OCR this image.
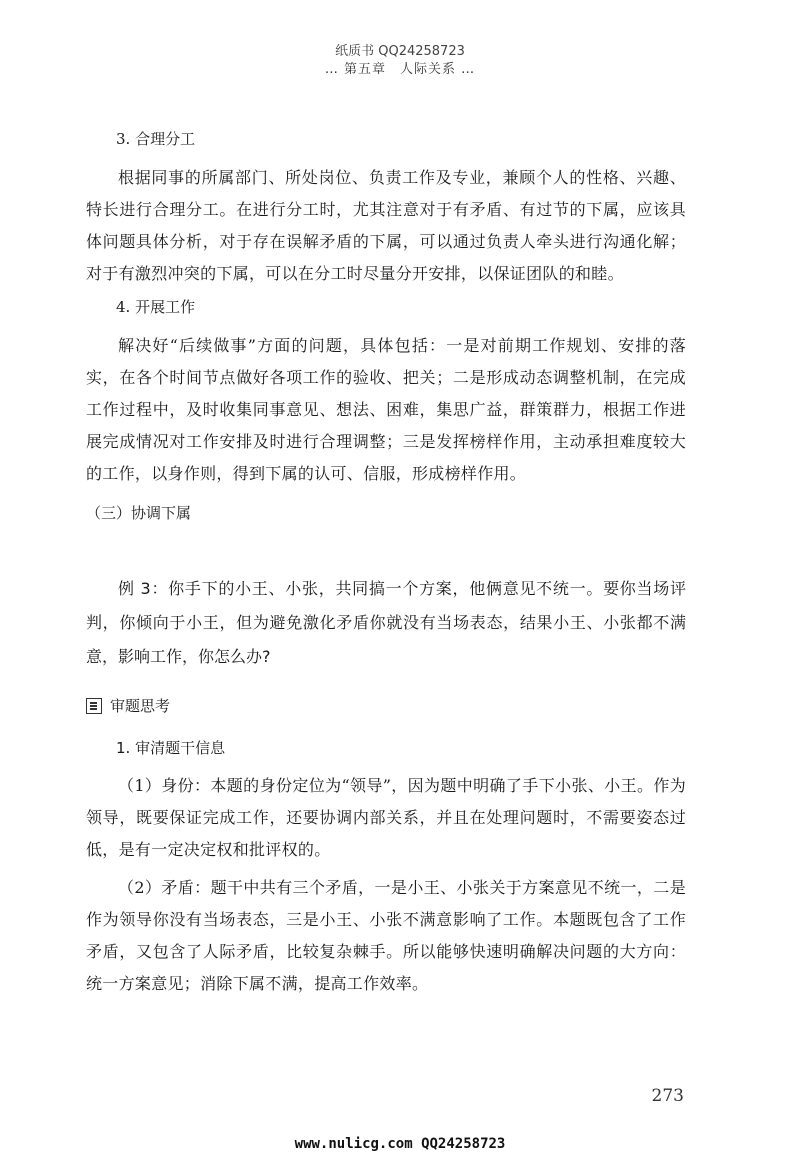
纸质书 QQ24258723
… 第五章　人际关系 …
3. 合理分工

根据同事的所属部门、所处岗位、负责工作及专业，兼顾个人的性格、兴趣、特长进行合理分工。在进行分工时，尤其注意对于有矛盾、有过节的下属，应该具体问题具体分析，对于存在误解矛盾的下属，可以通过负责人牵头进行沟通化解；对于有激烈冲突的下属，可以在分工时尽量分开安排，以保证团队的和睦。

4. 开展工作

解决好“后续做事”方面的问题，具体包括：一是对前期工作规划、安排的落实，在各个时间节点做好各项工作的验收、把关；二是形成动态调整机制，在完成工作过程中，及时收集同事意见、想法、困难，集思广益，群策群力，根据工作进展完成情况对工作安排及时进行合理调整；三是发挥榜样作用，主动承担难度较大的工作，以身作则，得到下属的认可、信服，形成榜样作用。

（三）协调下属

例 3：你手下的小王、小张，共同搞一个方案，他俩意见不统一。要你当场评判，你倾向于小王，但为避免激化矛盾你就没有当场表态，结果小王、小张都不满意，影响工作，你怎么办?

审题思考
1. 审清题干信息

（1）身份：本题的身份定位为“领导”，因为题中明确了手下小张、小王。作为领导，既要保证完成工作，还要协调内部关系，并且在处理问题时，不需要姿态过低，是有一定决定权和批评权的。

（2）矛盾：题干中共有三个矛盾，一是小王、小张关于方案意见不统一，二是作为领导你没有当场表态，三是小王、小张不满意影响了工作。本题既包含了工作矛盾，又包含了人际矛盾，比较复杂棘手。所以能够快速明确解决问题的大方向：统一方案意见；消除下属不满，提高工作效率。

273
www.nulicg.com QQ24258723
